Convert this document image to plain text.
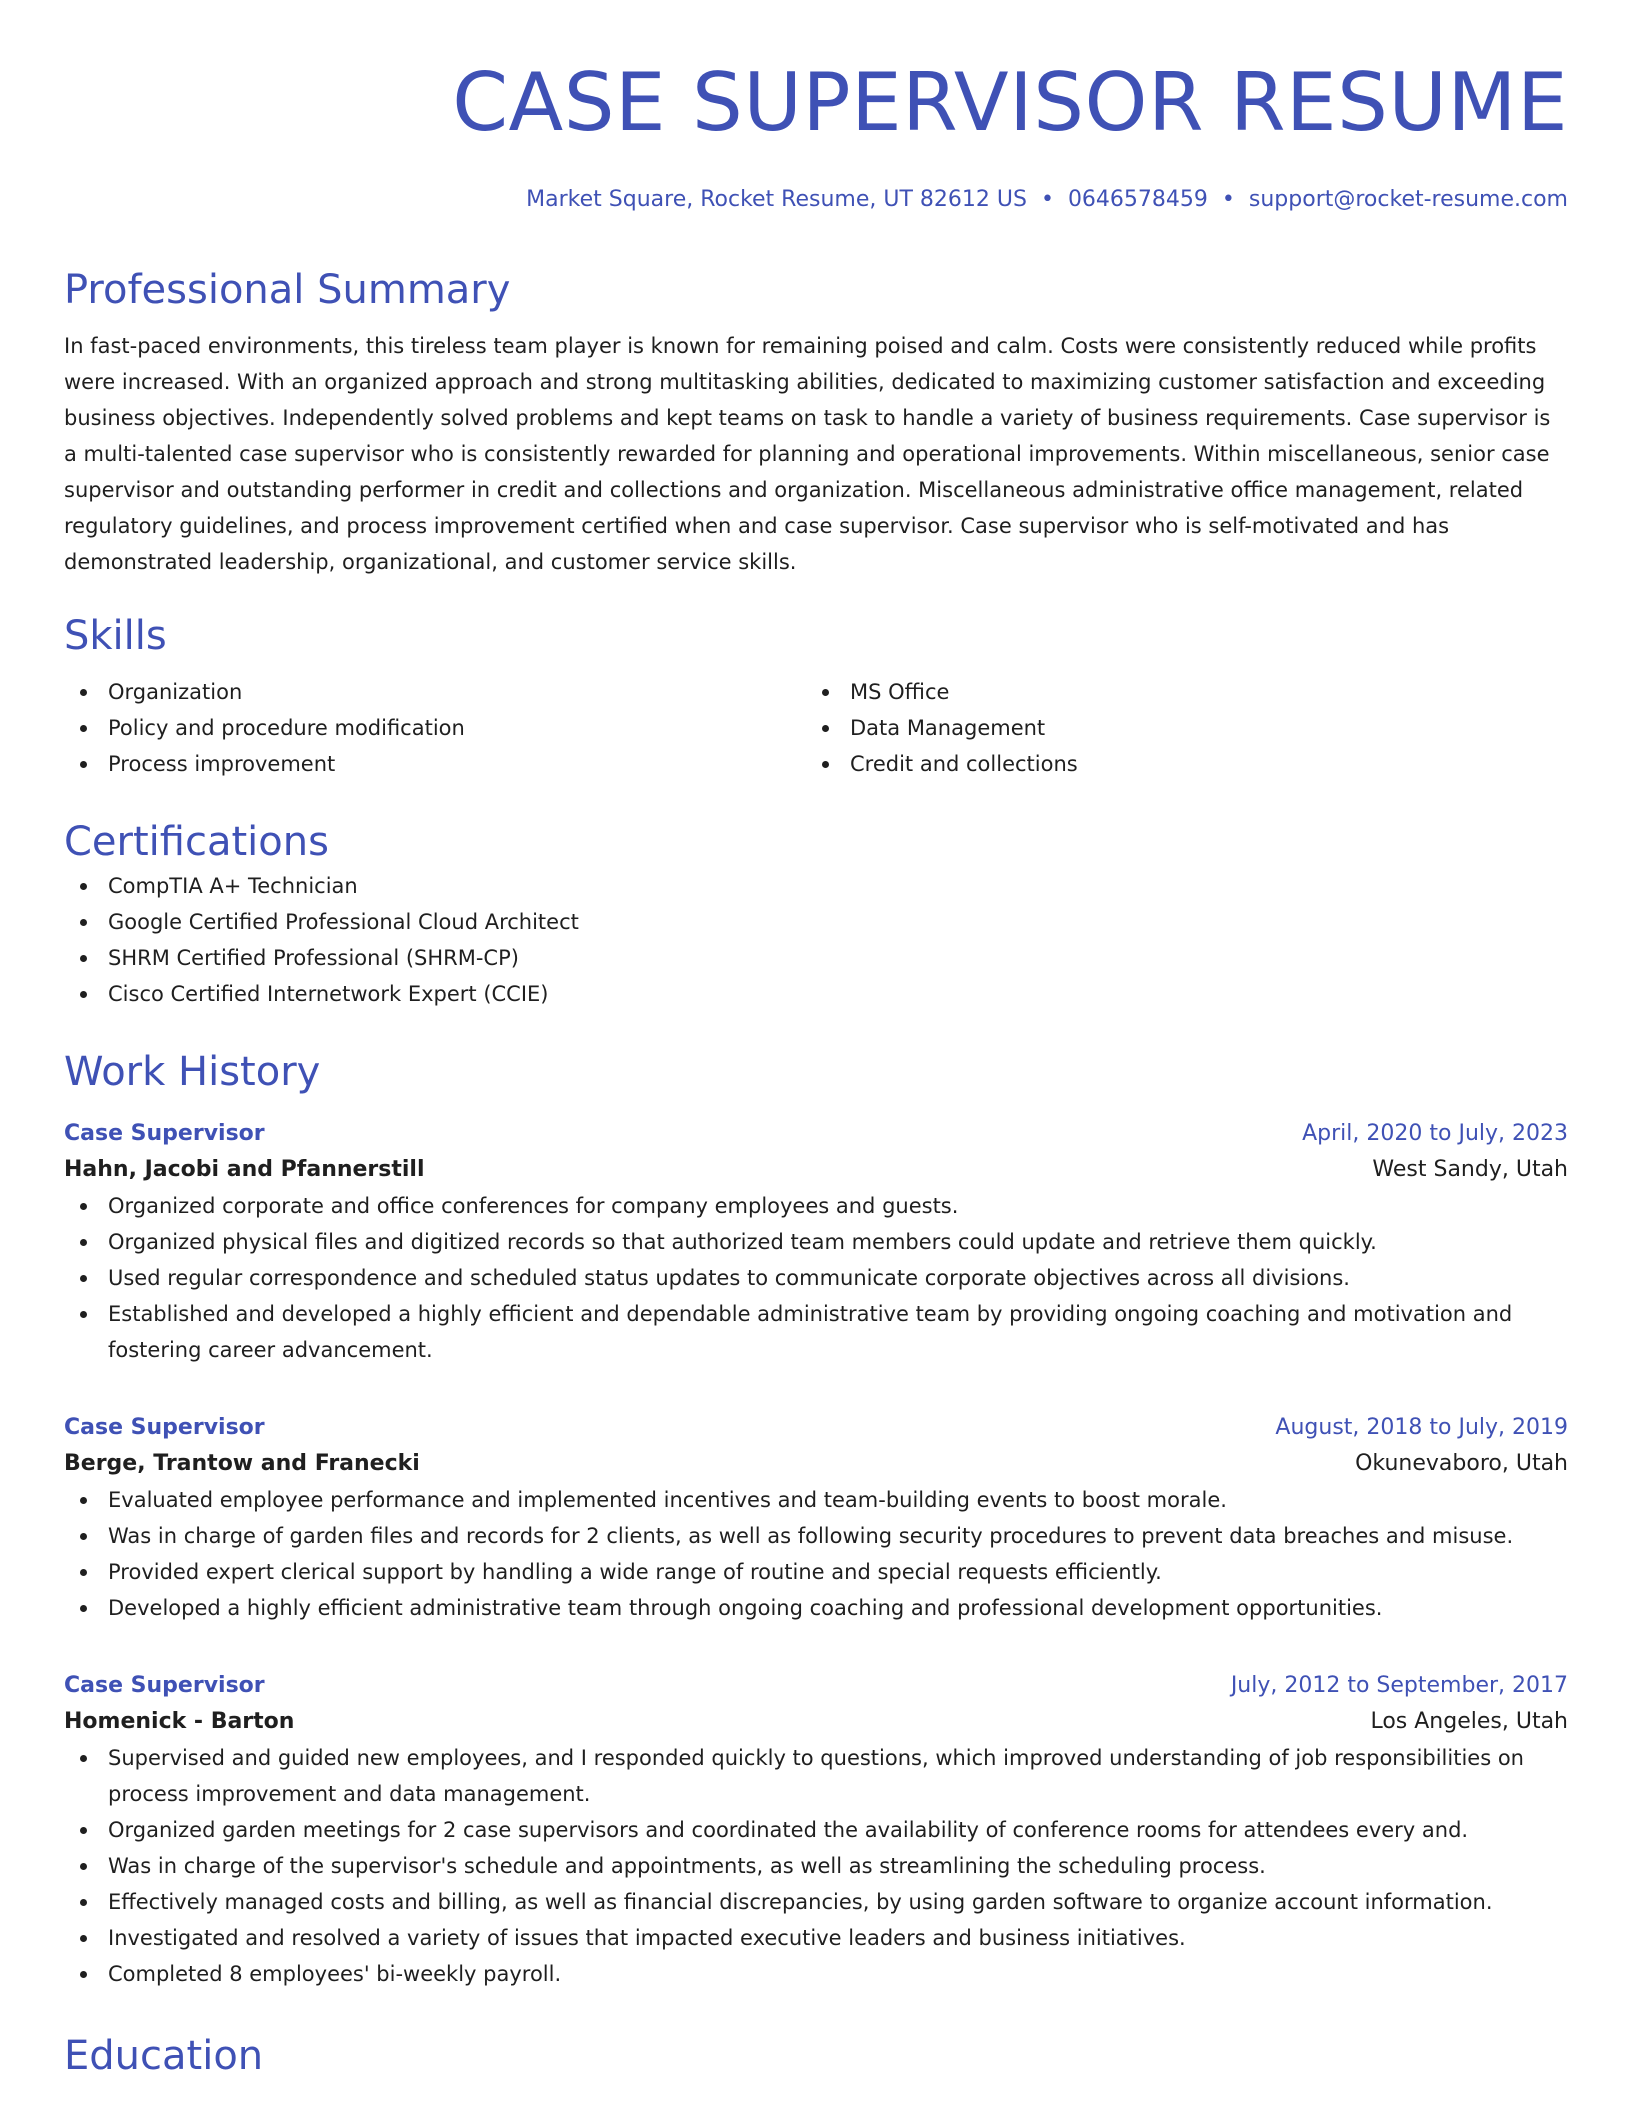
CASE SUPERVISOR RESUME
Market Square, Rocket Resume, UT 82612 US • 0646578459 • support@rocket-resume.com
Professional Summary

In fast-paced environments, this tireless team player is known for remaining poised and calm. Costs were consistently reduced while profits were increased. With an organized approach and strong multitasking abilities, dedicated to maximizing customer satisfaction and exceeding business objectives. Independently solved problems and kept teams on task to handle a variety of business requirements. Case supervisor is a multi-talented case supervisor who is consistently rewarded for planning and operational improvements. Within miscellaneous, senior case supervisor and outstanding performer in credit and collections and organization. Miscellaneous administrative office management, related regulatory guidelines, and process improvement certified when and case supervisor. Case supervisor who is self-motivated and has demonstrated leadership, organizational, and customer service skills.

Skills
Organization
Policy and procedure modification
Process improvement
MS Office
Data Management
Credit and collections
Certifications
CompTIA A+ Technician
Google Certified Professional Cloud Architect
SHRM Certified Professional (SHRM-CP)
Cisco Certified Internetwork Expert (CCIE)
Work History
Case Supervisor	April, 2020 to July, 2023
Hahn, Jacobi and Pfannerstill	West Sandy, Utah
Organized corporate and office conferences for company employees and guests.
Organized physical files and digitized records so that authorized team members could update and retrieve them quickly.
Used regular correspondence and scheduled status updates to communicate corporate objectives across all divisions.
Established and developed a highly efficient and dependable administrative team by providing ongoing coaching and motivation and fostering career advancement.
Case Supervisor	August, 2018 to July, 2019
Berge, Trantow and Franecki	Okunevaboro, Utah
Evaluated employee performance and implemented incentives and team-building events to boost morale.
Was in charge of garden files and records for 2 clients, as well as following security procedures to prevent data breaches and misuse.
Provided expert clerical support by handling a wide range of routine and special requests efficiently.
Developed a highly efficient administrative team through ongoing coaching and professional development opportunities.
Case Supervisor	July, 2012 to September, 2017
Homenick - Barton	Los Angeles, Utah
Supervised and guided new employees, and I responded quickly to questions, which improved understanding of job responsibilities on process improvement and data management.
Organized garden meetings for 2 case supervisors and coordinated the availability of conference rooms for attendees every and.
Was in charge of the supervisor's schedule and appointments, as well as streamlining the scheduling process.
Effectively managed costs and billing, as well as financial discrepancies, by using garden software to organize account information.
Investigated and resolved a variety of issues that impacted executive leaders and business initiatives.
Completed 8 employees' bi-weekly payroll.
Education
